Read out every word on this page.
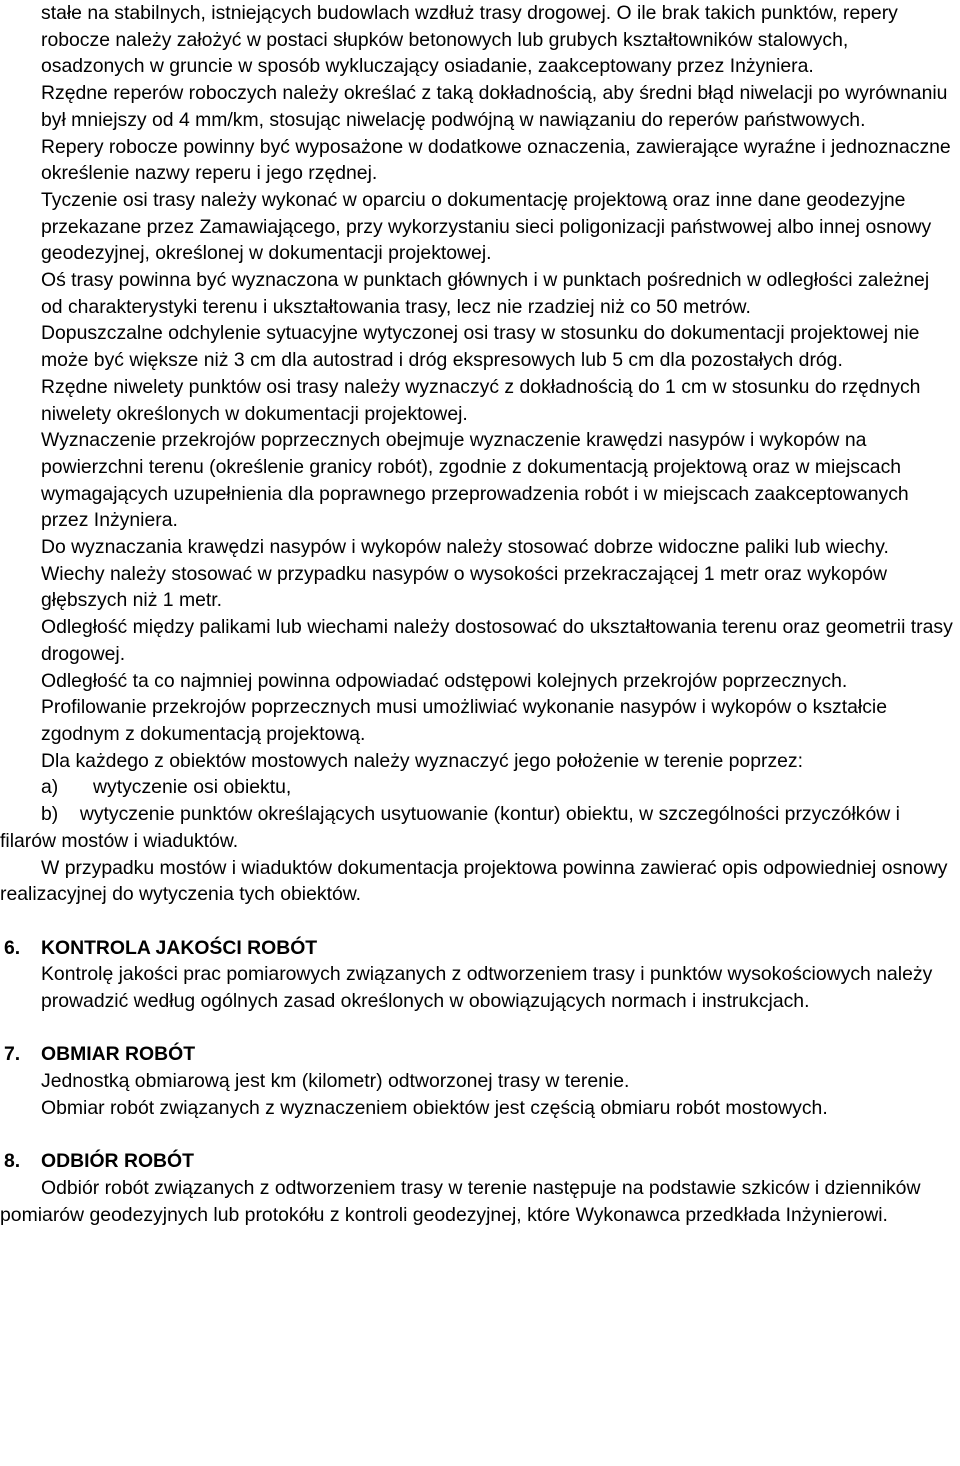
stałe na stabilnych, istniejących budowlach wzdłuż trasy drogowej. O ile brak takich punktów, repery robocze należy założyć w postaci słupków betonowych lub grubych kształtowników stalowych, osadzonych w gruncie w sposób wykluczający osiadanie, zaakceptowany przez Inżyniera.

Rzędne reperów roboczych należy określać z taką dokładnością, aby średni błąd niwelacji po wyrównaniu był mniejszy od 4 mm/km, stosując niwelację podwójną w nawiązaniu do reperów państwowych.

Repery robocze powinny być wyposażone w dodatkowe oznaczenia, zawierające wyraźne i jednoznaczne określenie nazwy reperu i jego rzędnej.

Tyczenie osi trasy należy wykonać w oparciu o dokumentację projektową oraz inne dane geodezyjne przekazane przez Zamawiającego, przy wykorzystaniu sieci poligonizacji państwowej albo innej osnowy geodezyjnej, określonej w dokumentacji projektowej.

Oś trasy powinna być wyznaczona w punktach głównych i w punktach pośrednich w odległości zależnej od charakterystyki terenu i ukształtowania trasy, lecz nie rzadziej niż co 50 metrów.

Dopuszczalne odchylenie sytuacyjne wytyczonej osi trasy w stosunku do dokumentacji projektowej nie może być większe niż 3 cm dla autostrad i dróg ekspresowych lub 5 cm dla pozostałych dróg.

Rzędne niwelety punktów osi trasy należy wyznaczyć z dokładnością do 1 cm w stosunku do rzędnych niwelety określonych w dokumentacji projektowej.

Wyznaczenie przekrojów poprzecznych obejmuje wyznaczenie krawędzi nasypów i wykopów na powierzchni terenu (określenie granicy robót), zgodnie z dokumentacją projektową oraz w miejscach wymagających uzupełnienia dla poprawnego przeprowadzenia robót i w miejscach zaakceptowanych przez Inżyniera.

Do wyznaczania krawędzi nasypów i wykopów należy stosować dobrze widoczne paliki lub wiechy.

Wiechy należy stosować w przypadku nasypów o wysokości przekraczającej 1 metr oraz wykopów głębszych niż 1 metr.

Odległość między palikami lub wiechami należy dostosować do ukształtowania terenu oraz geometrii trasy drogowej.

Odległość ta co najmniej powinna odpowiadać odstępowi kolejnych przekrojów poprzecznych.

Profilowanie przekrojów poprzecznych musi umożliwiać wykonanie nasypów i wykopów o kształcie zgodnym z dokumentacją projektową.

Dla każdego z obiektów mostowych należy wyznaczyć jego położenie w terenie poprzez:

a) wytyczenie osi obiektu,

b) wytyczenie punktów określających usytuowanie (kontur) obiektu, w szczególności przyczółków i filarów mostów i wiaduktów.

W przypadku mostów i wiaduktów dokumentacja projektowa powinna zawierać opis odpowiedniej osnowy realizacyjnej do wytyczenia tych obiektów.

6. KONTROLA JAKOŚCI ROBÓT

Kontrolę jakości prac pomiarowych związanych z odtworzeniem trasy i punktów wysokościowych należy prowadzić według ogólnych zasad określonych w obowiązujących normach i instrukcjach.

7. OBMIAR ROBÓT

Jednostką obmiarową jest km (kilometr) odtworzonej trasy w terenie.

Obmiar robót związanych z wyznaczeniem obiektów jest częścią obmiaru robót mostowych.

8. ODBIÓR ROBÓT

Odbiór robót związanych z odtworzeniem trasy w terenie następuje na podstawie szkiców i dzienników pomiarów geodezyjnych lub protokółu z kontroli geodezyjnej, które Wykonawca przedkłada Inżynierowi.
